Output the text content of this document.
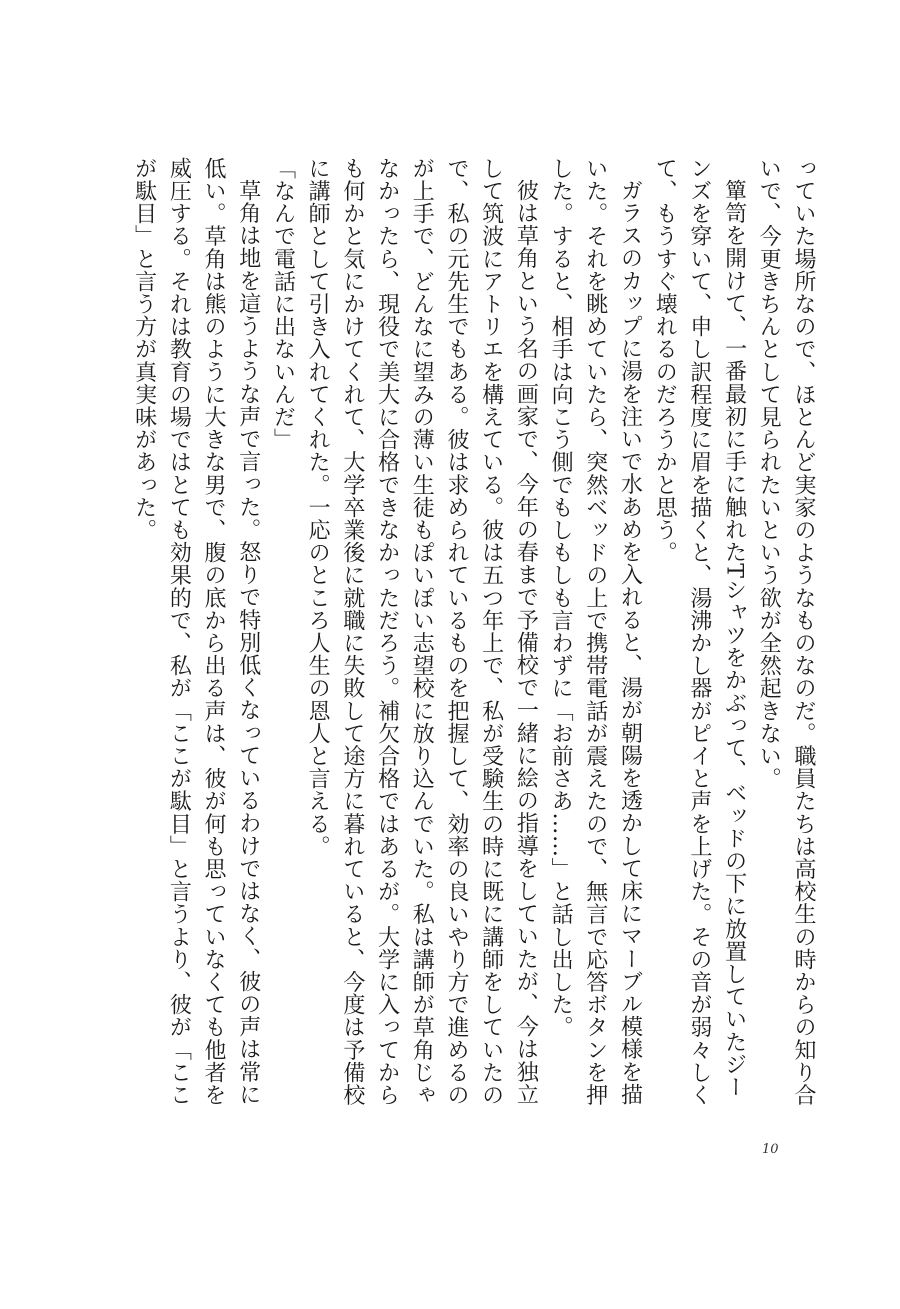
っていた場所なので、ほとんど実家のようなものなのだ。職員たちは高校生の時からの知り合いで、今更きちんとして見られたいという欲が全然起きない。

簞笥を開けて、一番最初に手に触れたTシャツをかぶって、ベッドの下に放置していたジーンズを穿いて、申し訳程度に眉を描くと、湯沸かし器がピイと声を上げた。その音が弱々しくて、もうすぐ壊れるのだろうかと思う。

ガラスのカップに湯を注いで水あめを入れると、湯が朝陽を透かして床にマーブル模様を描いた。それを眺めていたら、突然ベッドの上で携帯電話が震えたので、無言で応答ボタンを押した。すると、相手は向こう側でもしもしも言わずに「お前さあ……」と話し出した。

彼は草角という名の画家で、今年の春まで予備校で一緒に絵の指導をしていたが、今は独立して筑波にアトリエを構えている。彼は五つ年上で、私が受験生の時に既に講師をしていたので、私の元先生でもある。彼は求められているものを把握して、効率の良いやり方で進めるのが上手で、どんなに望みの薄い生徒もぽいぽい志望校に放り込んでいた。私は講師が草角じゃなかったら、現役で美大に合格できなかっただろう。補欠合格ではあるが。大学に入ってからも何かと気にかけてくれて、大学卒業後に就職に失敗して途方に暮れていると、今度は予備校に講師として引き入れてくれた。一応のところ人生の恩人と言える。

「なんで電話に出ないんだ」

草角は地を這うような声で言った。怒りで特別低くなっているわけではなく、彼の声は常に低い。草角は熊のように大きな男で、腹の底から出る声は、彼が何も思っていなくても他者を威圧する。それは教育の場ではとても効果的で、私が「ここが駄目」と言うより、彼が「ここが駄目」と言う方が真実味があった。

10
